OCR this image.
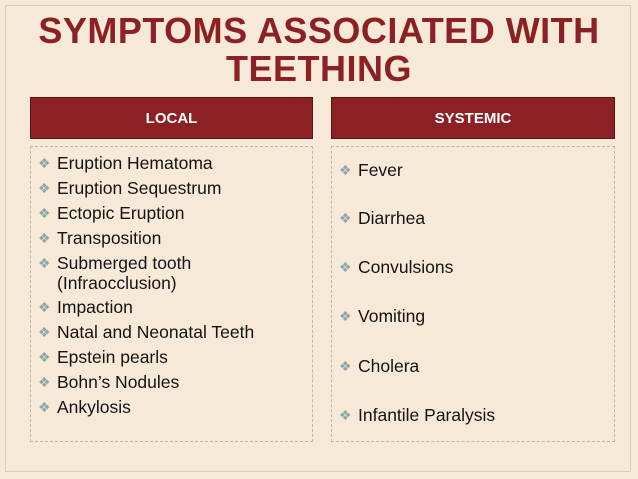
SYMPTOMS ASSOCIATED WITH
TEETHING
LOCAL	SYSTEMIC
❖ Eruption Hematoma
❖ Eruption Sequestrum
❖ Ectopic Eruption
❖ Transposition
❖ Submerged tooth
(Infraocclusion)
❖ Impaction
❖ Natal and Neonatal Teeth
❖ Epstein pearls
❖ Bohn’s Nodules
❖ Ankylosis
❖ Fever
❖ Diarrhea
❖ Convulsions
❖ Vomiting
❖ Cholera
❖ Infantile Paralysis
